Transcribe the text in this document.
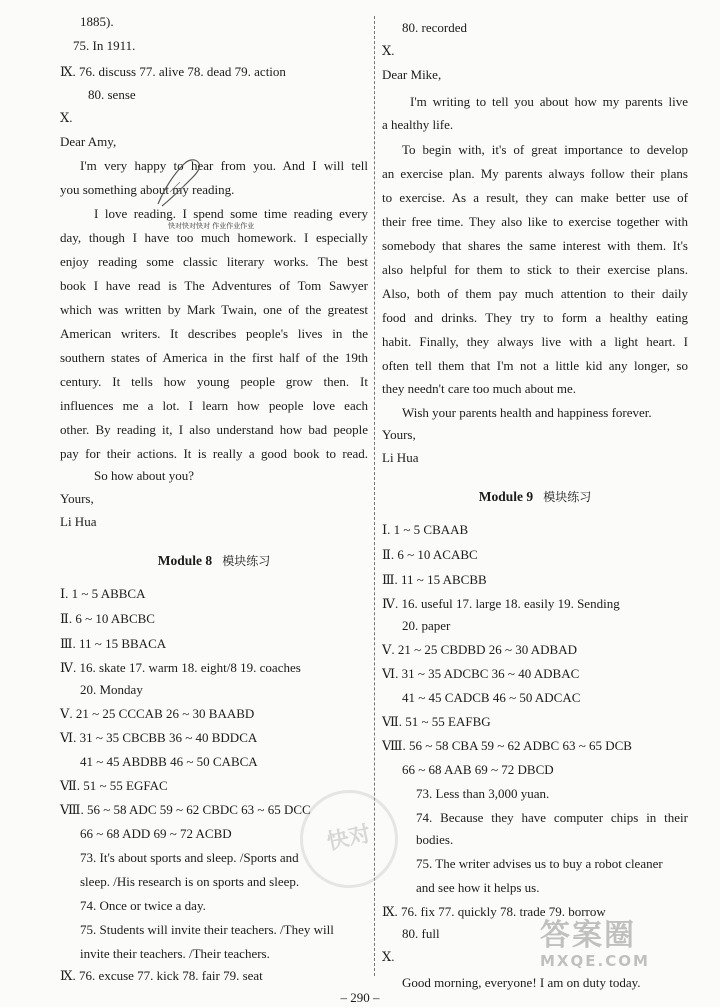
1885).
75. In 1911.
Ⅸ. 76. discuss 77. alive 78. dead 79. action
80. sense
Ⅹ.
Dear Amy,
I'm very happy to hear from you. And I will tell
you something about my reading.
I love reading. I spend some time reading every
day, though I have too much homework. I especially
enjoy reading some classic literary works. The best
book I have read is The Adventures of Tom Sawyer
which was written by Mark Twain, one of the greatest
American writers. It describes people's lives in the
southern states of America in the first half of the 19th
century. It tells how young people grow then. It
influences me a lot. I learn how people love each
other. By reading it, I also understand how bad people
pay for their actions. It is really a good book to read.
So how about you?
Yours,
Li Hua
Module 8 模块练习
Ⅰ. 1 ~ 5 ABBCA
Ⅱ. 6 ~ 10 ABCBC
Ⅲ. 11 ~ 15 BBACA
Ⅳ. 16. skate 17. warm 18. eight/8 19. coaches
20. Monday
Ⅴ. 21 ~ 25 CCCAB 26 ~ 30 BAABD
Ⅵ. 31 ~ 35 CBCBB 36 ~ 40 BDDCA
41 ~ 45 ABDBB 46 ~ 50 CABCA
Ⅶ. 51 ~ 55 EGFAC
Ⅷ. 56 ~ 58 ADC 59 ~ 62 CBDC 63 ~ 65 DCC
66 ~ 68 ADD 69 ~ 72 ACBD
73. It's about sports and sleep. /Sports and
sleep. /His research is on sports and sleep.
74. Once or twice a day.
75. Students will invite their teachers. /They will
invite their teachers. /Their teachers.
Ⅸ. 76. excuse 77. kick 78. fair 79. seat
80. recorded
Ⅹ.
Dear Mike,
I'm writing to tell you about how my parents live
a healthy life.
To begin with, it's of great importance to develop
an exercise plan. My parents always follow their plans
to exercise. As a result, they can make better use of
their free time. They also like to exercise together with
somebody that shares the same interest with them. It's
also helpful for them to stick to their exercise plans.
Also, both of them pay much attention to their daily
food and drinks. They try to form a healthy eating
habit. Finally, they always live with a light heart. I
often tell them that I'm not a little kid any longer, so
they needn't care too much about me.
Wish your parents health and happiness forever.
Yours,
Li Hua
Module 9 模块练习
Ⅰ. 1 ~ 5 CBAAB
Ⅱ. 6 ~ 10 ACABC
Ⅲ. 11 ~ 15 ABCBB
Ⅳ. 16. useful 17. large 18. easily 19. Sending
20. paper
Ⅴ. 21 ~ 25 CBDBD 26 ~ 30 ADBAD
Ⅵ. 31 ~ 35 ADCBC 36 ~ 40 ADBAC
41 ~ 45 CADCB 46 ~ 50 ADCAC
Ⅶ. 51 ~ 55 EAFBG
Ⅷ. 56 ~ 58 CBA 59 ~ 62 ADBC 63 ~ 65 DCB
66 ~ 68 AAB 69 ~ 72 DBCD
73. Less than 3,000 yuan.
74. Because they have computer chips in their
bodies.
75. The writer advises us to buy a robot cleaner
and see how it helps us.
Ⅸ. 76. fix 77. quickly 78. trade 79. borrow
80. full
Ⅹ.
Good morning, everyone! I am on duty today.
快对快对快对 作业作业作业
快对
答案圈
MXQE.COM
– 290 –
